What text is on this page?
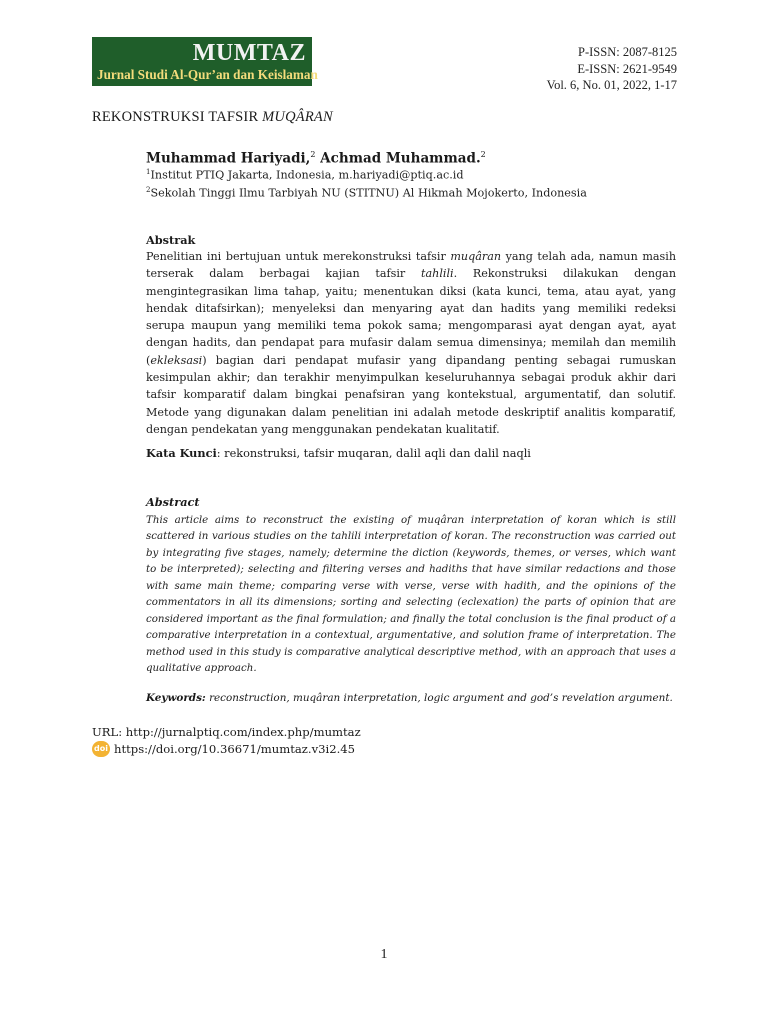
MUMTAZ
Jurnal Studi Al-Qur’an dan Keislaman
P-ISSN: 2087-8125
E-ISSN: 2621-9549
Vol. 6, No. 01, 2022, 1-17
REKONSTRUKSI TAFSIR MUQÂRAN
Muhammad Hariyadi,$^2$ Achmad Muhammad.$^2$
$^1$Institut PTIQ Jakarta, Indonesia, m.hariyadi@ptiq.ac.id
$^2$Sekolah Tinggi Ilmu Tarbiyah NU (STITNU) Al Hikmah Mojokerto, Indonesia
Abstrak
Penelitian ini bertujuan untuk merekonstruksi tafsir muqâran yang telah ada, namun masih terserak dalam berbagai kajian tafsir tahlili. Rekonstruksi dilakukan dengan mengintegrasikan lima tahap, yaitu; menentukan diksi (kata kunci, tema, atau ayat, yang hendak ditafsirkan); menyeleksi dan menyaring ayat dan hadits yang memiliki redeksi serupa maupun yang memiliki tema pokok sama; mengomparasi ayat dengan ayat, ayat dengan hadits, dan pendapat para mufasir dalam semua dimensinya; memilah dan memilih (ekleksasi) bagian dari pendapat mufasir yang dipandang penting sebagai rumuskan kesimpulan akhir; dan terakhir menyimpulkan keseluruhannya sebagai produk akhir dari tafsir komparatif dalam bingkai penafsiran yang kontekstual, argumentatif, dan solutif. Metode yang digunakan dalam penelitian ini adalah metode deskriptif analitis komparatif, dengan pendekatan yang menggunakan pendekatan kualitatif.
Kata Kunci: rekonstruksi, tafsir muqaran, dalil aqli dan dalil naqli
Abstract
This article aims to reconstruct the existing of muqâran interpretation of koran which is still scattered in various studies on the tahlili interpretation of koran. The reconstruction was carried out by integrating five stages, namely; determine the diction (keywords, themes, or verses, which want to be interpreted); selecting and filtering verses and hadiths that have similar redactions and those with same main theme; comparing verse with verse, verse with hadith, and the opinions of the commentators in all its dimensions; sorting and selecting (eclexation) the parts of opinion that are considered important as the final formulation; and finally the total conclusion is the final product of a comparative interpretation in a contextual, argumentative, and solution frame of interpretation. The method used in this study is comparative analytical descriptive method, with an approach that uses a qualitative approach.
Keywords: reconstruction, muqâran interpretation, logic argument and god’s revelation argument.
URL: http://jurnalptiq.com/index.php/mumtaz
doi https://doi.org/10.36671/mumtaz.v3i2.45
1
